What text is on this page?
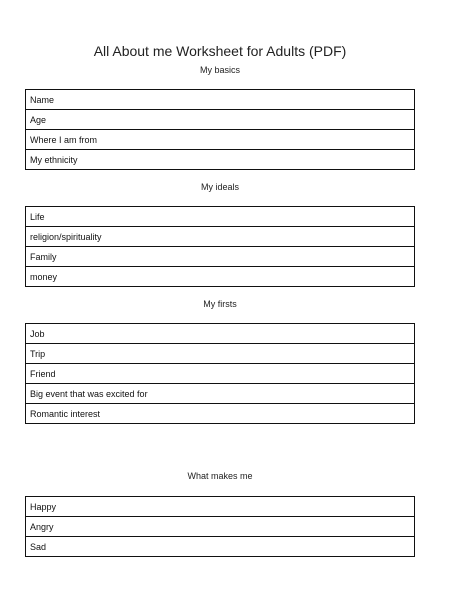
All About me Worksheet for Adults (PDF)
My basics
Name
Age
Where I am from
My ethnicity
My ideals
Life
religion/spirituality
Family
money
My firsts
Job
Trip
Friend
Big event that was excited for
Romantic interest
What makes me
Happy
Angry
Sad
